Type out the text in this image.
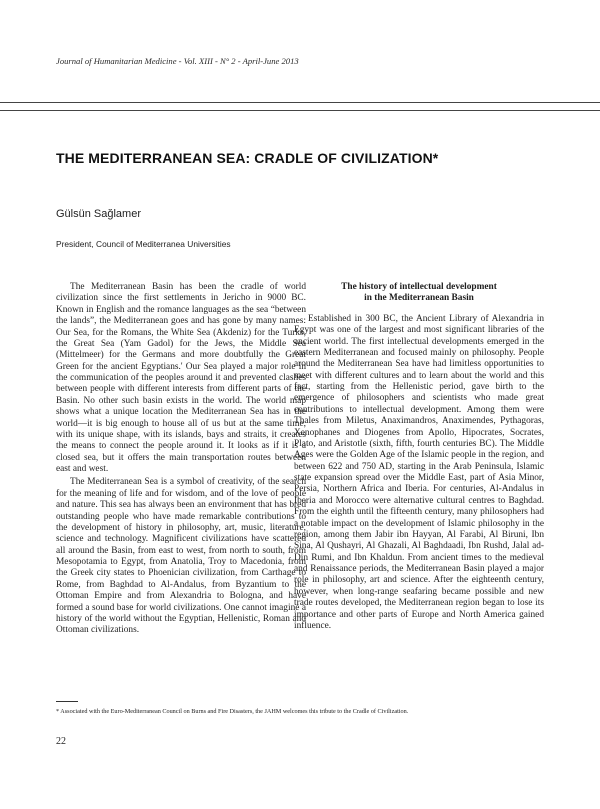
Journal of Humanitarian Medicine - Vol. XIII - N° 2 - April-June 2013
THE MEDITERRANEAN SEA: CRADLE OF CIVILIZATION*
Gülsün Sağlamer
President, Council of Mediterranea Universities

The Mediterranean Basin has been the cradle of world civilization since the first settlements in Jericho in 9000 BC. Known in English and the romance languages as the sea “between the lands”, the Mediterranean goes and has gone by many names: Our Sea, for the Romans, the White Sea (Akdeniz) for the Turks, the Great Sea (Yam Gadol) for the Jews, the Middle Sea (Mittelmeer) for the Germans and more doubtfully the Great Green for the ancient Egyptians.' Our Sea played a major role in the communication of the peoples around it and prevented clashes between people with different interests from different parts of the Basin. No other such basin exists in the world. The world map shows what a unique location the Mediterranean Sea has in the world—it is big enough to house all of us but at the same time, with its unique shape, with its islands, bays and straits, it creates the means to connect the people around it. It looks as if it is a closed sea, but it offers the main transportation routes between east and west.

The Mediterranean Sea is a symbol of creativity, of the search for the meaning of life and for wisdom, and of the love of people and nature. This sea has always been an environment that has bred outstanding people who have made remarkable contributions to the development of history in philosophy, art, music, literature, science and technology. Magnificent civilizations have scattered all around the Basin, from east to west, from north to south, from Mesopotamia to Egypt, from Anatolia, Troy to Macedonia, from the Greek city states to Phoenician civilization, from Carthage to Rome, from Baghdad to Al-Andalus, from Byzantium to the Ottoman Empire and from Alexandria to Bologna, and have formed a sound base for world civilizations. One cannot imagine a history of the world without the Egyptian, Hellenistic, Roman and Ottoman civilizations.

The history of intellectual development
in the Mediterranean Basin

Established in 300 BC, the Ancient Library of Alexandria in Egypt was one of the largest and most significant libraries of the ancient world. The first intellectual developments emerged in the eastern Mediterranean and focused mainly on philosophy. People around the Mediterranean Sea have had limitless opportunities to meet with different cultures and to learn about the world and this fact, starting from the Hellenistic period, gave birth to the emergence of philosophers and scientists who made great contributions to intellectual development. Among them were Thales from Miletus, Anaximandros, Anaximendes, Pythagoras, Xenophanes and Diogenes from Apollo, Hipocrates, Socrates, Plato, and Aristotle (sixth, fifth, fourth centuries BC). The Middle Ages were the Golden Age of the Islamic people in the region, and between 622 and 750 AD, starting in the Arab Peninsula, Islamic state expansion spread over the Middle East, part of Asia Minor, Persia, Northern Africa and Iberia. For centuries, Al-Andalus in Iberia and Morocco were alternative cultural centres to Baghdad. From the eighth until the fifteenth century, many philosophers had a notable impact on the development of Islamic philosophy in the region, among them Jabir ibn Hayyan, Al Farabi, Al Biruni, Ibn Sina, Al Qushayri, Al Ghazali, Al Baghdaadi, Ibn Rushd, Jalal ad-Din Rumi, and Ibn Khaldun. From ancient times to the medieval and Renaissance periods, the Mediterranean Basin played a major role in philosophy, art and science. After the eighteenth century, however, when long-range seafaring became possible and new trade routes developed, the Mediterranean region began to lose its importance and other parts of Europe and North America gained influence.

* Associated with the Euro-Mediterranean Council on Burns and Fire Disasters, the JAHM welcomes this tribute to the Cradle of Civilization.
22
